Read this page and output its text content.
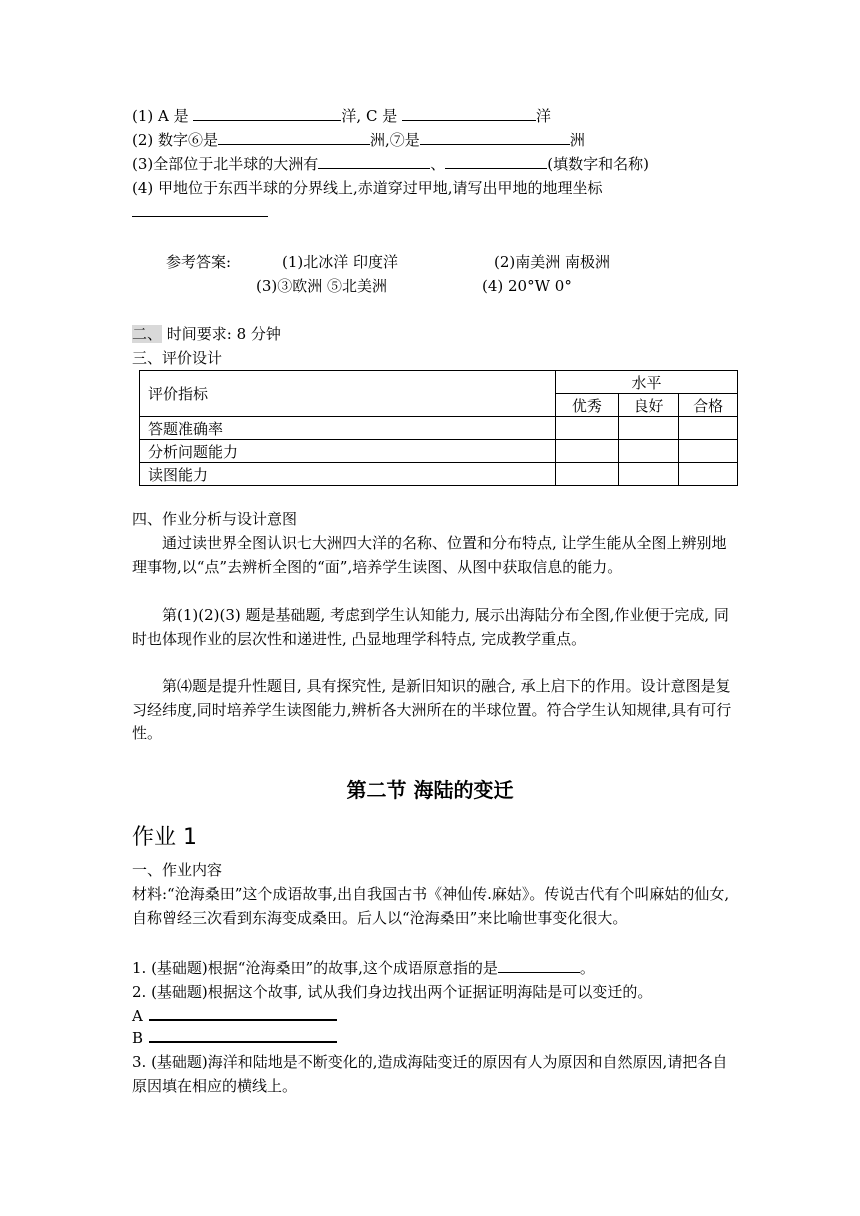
(1) A 是	洋, C 是	洋
(2) 数字⑥是	洲,⑦是	洲
(3)全部位于北半球的大洲有	、	(填数字和名称)
(4) 甲地位于东西半球的分界线上,赤道穿过甲地,请写出甲地的地理坐标
参考答案:	(1)北冰洋 印度洋	(2)南美洲 南极洲
(3)③欧洲 ⑤北美洲	(4) 20°W 0°
二、 时间要求: 8 分钟
三、评价设计
评价指标	水平		
	优秀	良好	合格
答题准确率			
分析问题能力			
读图能力			
四、作业分析与设计意图
通过读世界全图认识七大洲四大洋的名称、位置和分布特点, 让学生能从全图上辨别地理事物,以“点”去辨析全图的“面”,培养学生读图、从图中获取信息的能力。
第(1)(2)(3) 题是基础题, 考虑到学生认知能力, 展示出海陆分布全图,作业便于完成, 同时也体现作业的层次性和递进性, 凸显地理学科特点, 完成教学重点。
第⑷题是提升性题目, 具有探究性, 是新旧知识的融合, 承上启下的作用。设计意图是复习经纬度,同时培养学生读图能力,辨析各大洲所在的半球位置。符合学生认知规律,具有可行性。
第二节 海陆的变迁
作业 1
一、作业内容
材料:“沧海桑田”这个成语故事,出自我国古书《神仙传.麻姑》。传说古代有个叫麻姑的仙女, 自称曾经三次看到东海变成桑田。后人以“沧海桑田”来比喻世事变化很大。
1. (基础题)根据“沧海桑田”的故事,这个成语原意指的是	。
2. (基础题)根据这个故事, 试从我们身边找出两个证据证明海陆是可以变迁的。
A
B
3. (基础题)海洋和陆地是不断变化的,造成海陆变迁的原因有人为原因和自然原因,请把各自原因填在相应的横线上。
